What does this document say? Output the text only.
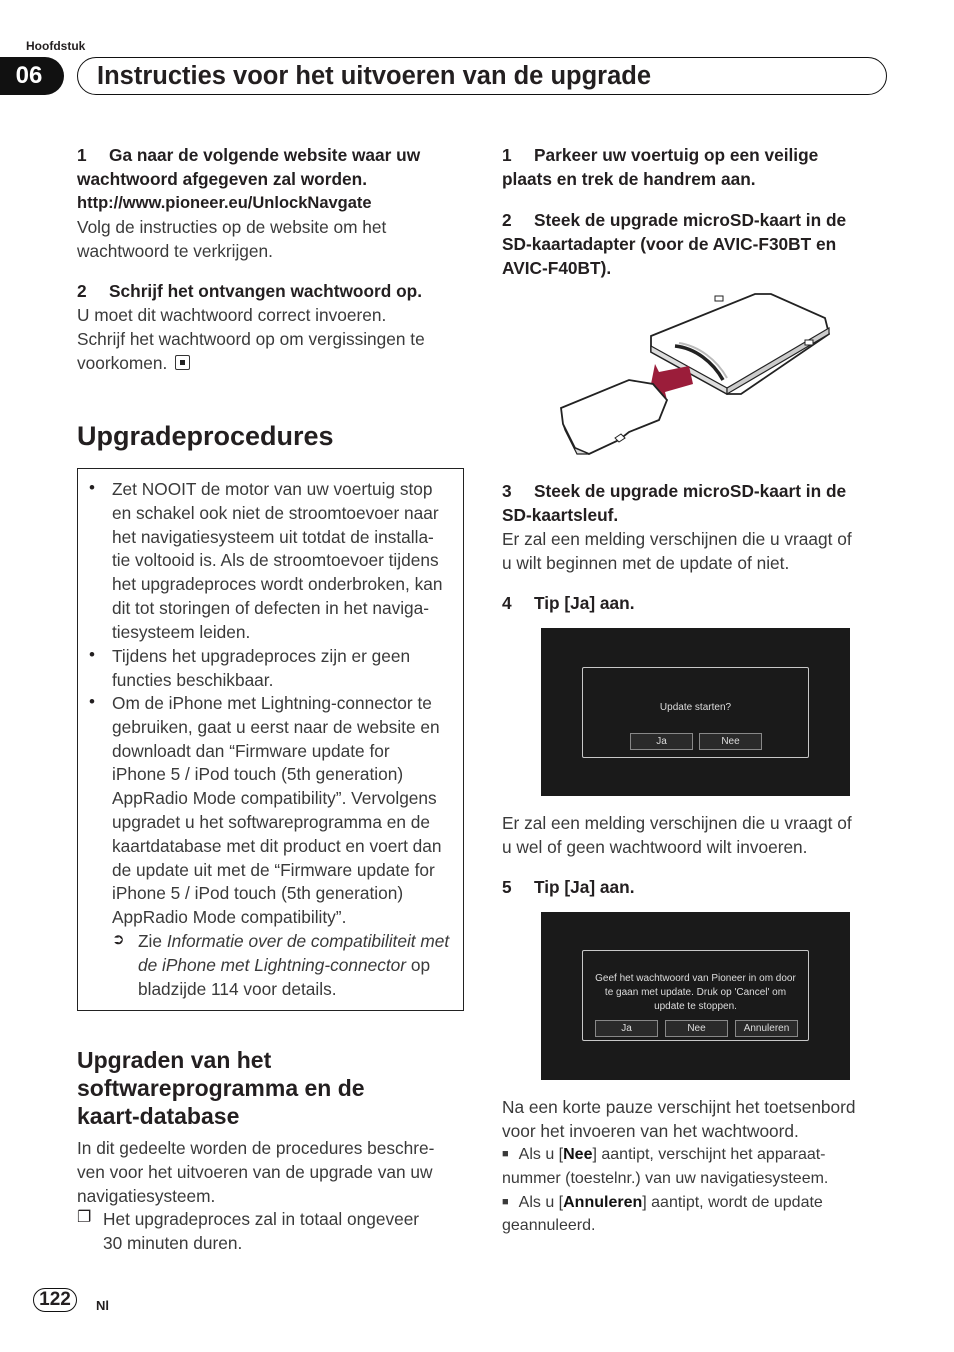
Hoofdstuk
06	Instructies voor het uitvoeren van de upgrade
1 Ga naar de volgende website waar uw
wachtwoord afgegeven zal worden.
http://www.pioneer.eu/UnlockNavgate
Volg de instructies op de website om het
wachtwoord te verkrijgen.
2 Schrijf het ontvangen wachtwoord op.
U moet dit wachtwoord correct invoeren.
Schrijf het wachtwoord op om vergissingen te
voorkomen.
Upgradeprocedures
Zet NOOIT de motor van uw voertuig stop
en schakel ook niet de stroomtoevoer naar
het navigatiesysteem uit totdat de installa-
tie voltooid is. Als de stroomtoevoer tijdens
het upgradeproces wordt onderbroken, kan
dit tot storingen of defecten in het naviga-
tiesysteem leiden.
•
Tijdens het upgradeproces zijn er geen
functies beschikbaar.
•
Om de iPhone met Lightning-connector te
gebruiken, gaat u eerst naar de website en
downloadt dan “Firmware update for
iPhone 5 / iPod touch (5th generation)
AppRadio Mode compatibility”. Vervolgens
upgradet u het softwareprogramma en de
kaartdatabase met dit product en voert dan
de update uit met de “Firmware update for
iPhone 5 / iPod touch (5th generation)
AppRadio Mode compatibility”.
•
➲ Zie Informatie over de compatibiliteit met
de iPhone met Lightning-connector op
bladzijde 114 voor details.
Upgraden van het
softwareprogramma en de
kaart-database
In dit gedeelte worden de procedures beschre-
ven voor het uitvoeren van de upgrade van uw
navigatiesysteem.
❐ Het upgradeproces zal in totaal ongeveer
30 minuten duren.
1 Parkeer uw voertuig op een veilige
plaats en trek de handrem aan.
2 Steek de upgrade microSD-kaart in de
SD-kaartadapter (voor de AVIC-F30BT en
AVIC-F40BT).
3 Steek de upgrade microSD-kaart in de
SD-kaartsleuf.
Er zal een melding verschijnen die u vraagt of
u wilt beginnen met de update of niet.
4 Tip [Ja] aan.
Update starten?
Ja	Nee
Er zal een melding verschijnen die u vraagt of
u wel of geen wachtwoord wilt invoeren.
5 Tip [Ja] aan.
Geef het wachtwoord van Pioneer in om door
te gaan met update. Druk op 'Cancel' om
update te stoppen.
Ja	Nee	Annuleren
Na een korte pauze verschijnt het toetsenbord
voor het invoeren van het wachtwoord.
■ Als u [Nee] aantipt, verschijnt het apparaat-
nummer (toestelnr.) van uw navigatiesysteem.
■ Als u [Annuleren] aantipt, wordt de update
geannuleerd.
122	Nl
